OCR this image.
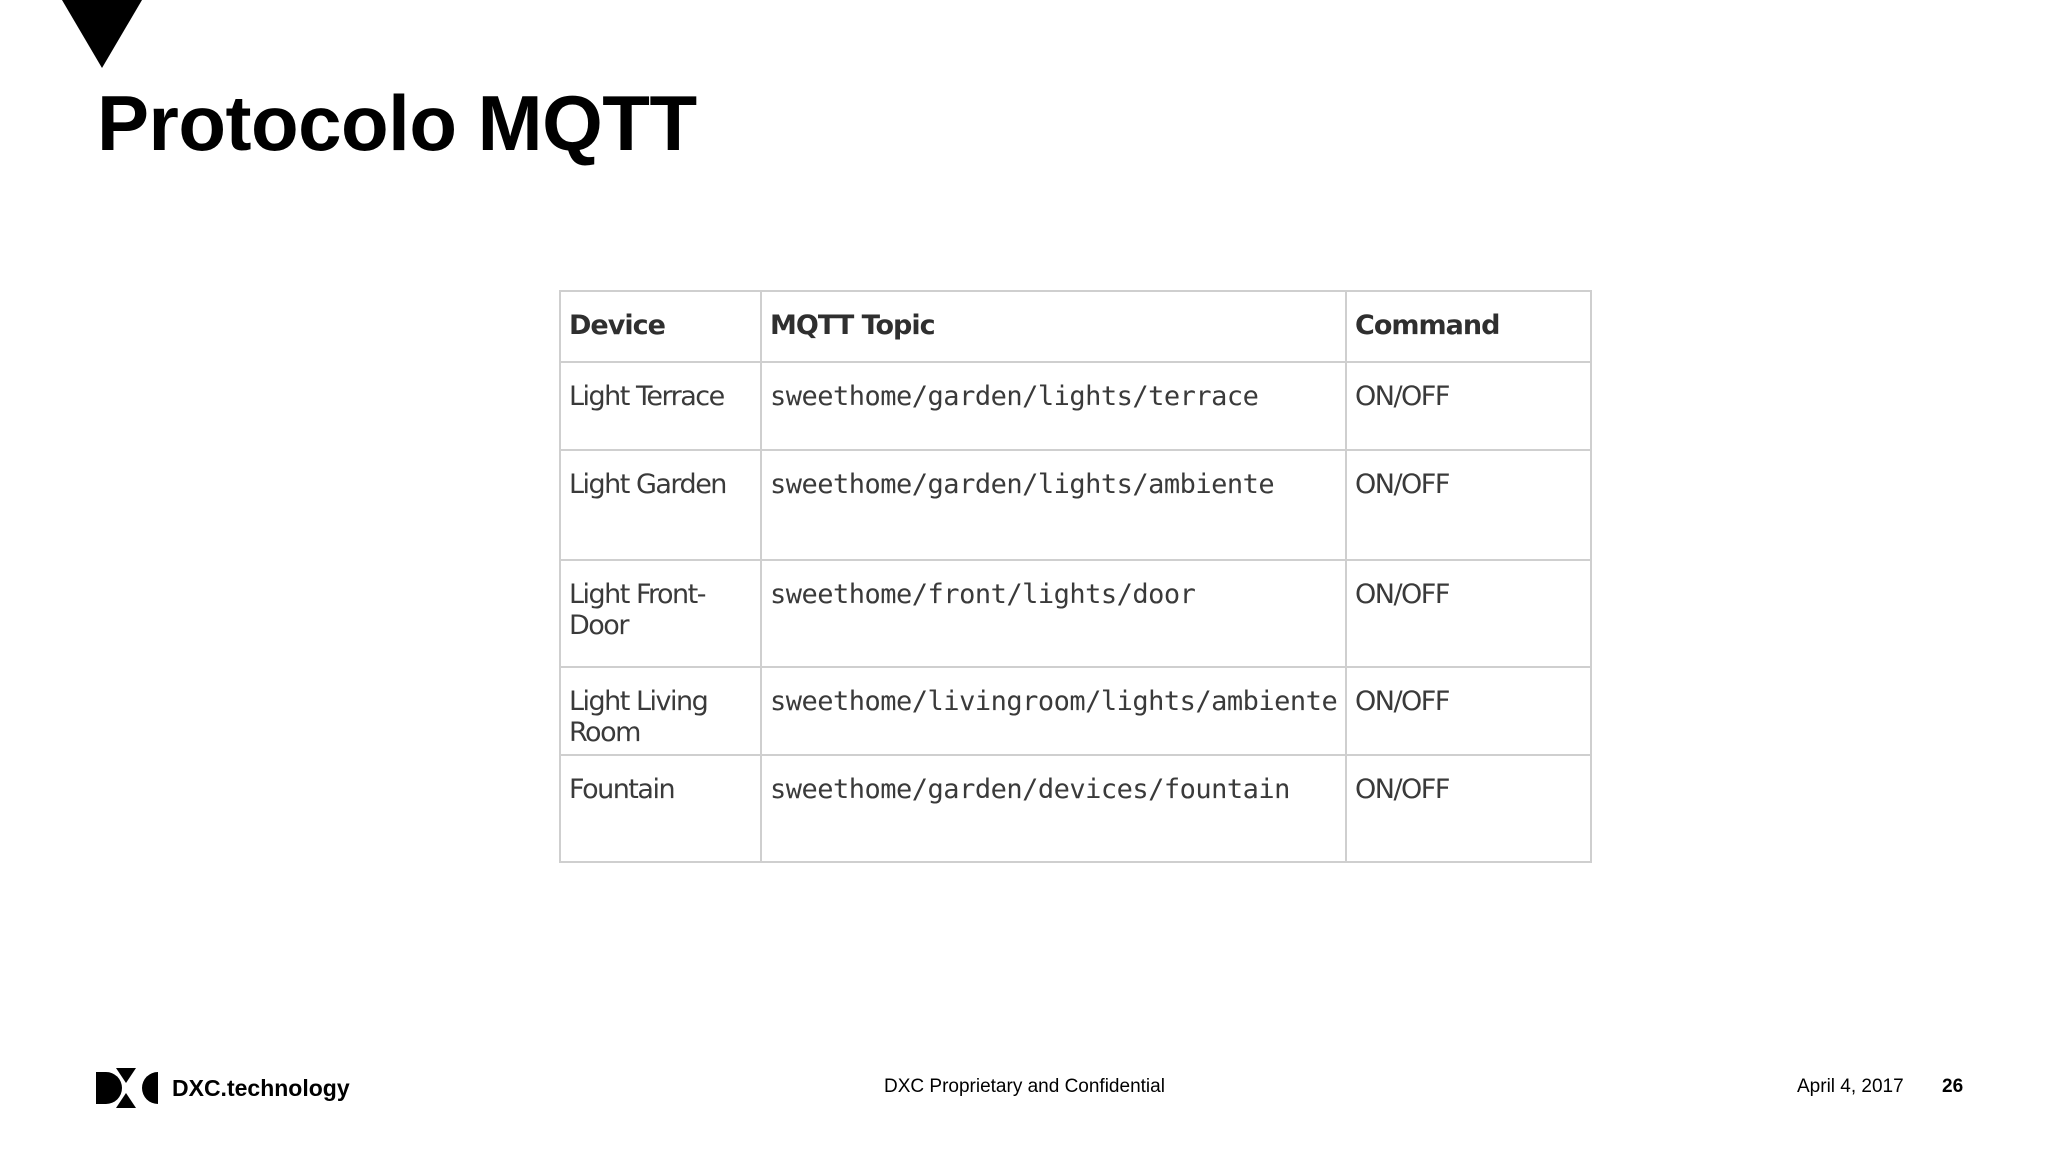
Protocolo MQTT
Device	MQTT Topic	Command
Light Terrace	sweethome/garden/lights/terrace	ON/OFF
Light Garden	sweethome/garden/lights/ambiente	ON/OFF
Light Front-Door	sweethome/front/lights/door	ON/OFF
Light Living Room	sweethome/livingroom/lights/ambiente	ON/OFF
Fountain	sweethome/garden/devices/fountain	ON/OFF
DXC.technology	DXC Proprietary and Confidential	April 4, 2017 26
